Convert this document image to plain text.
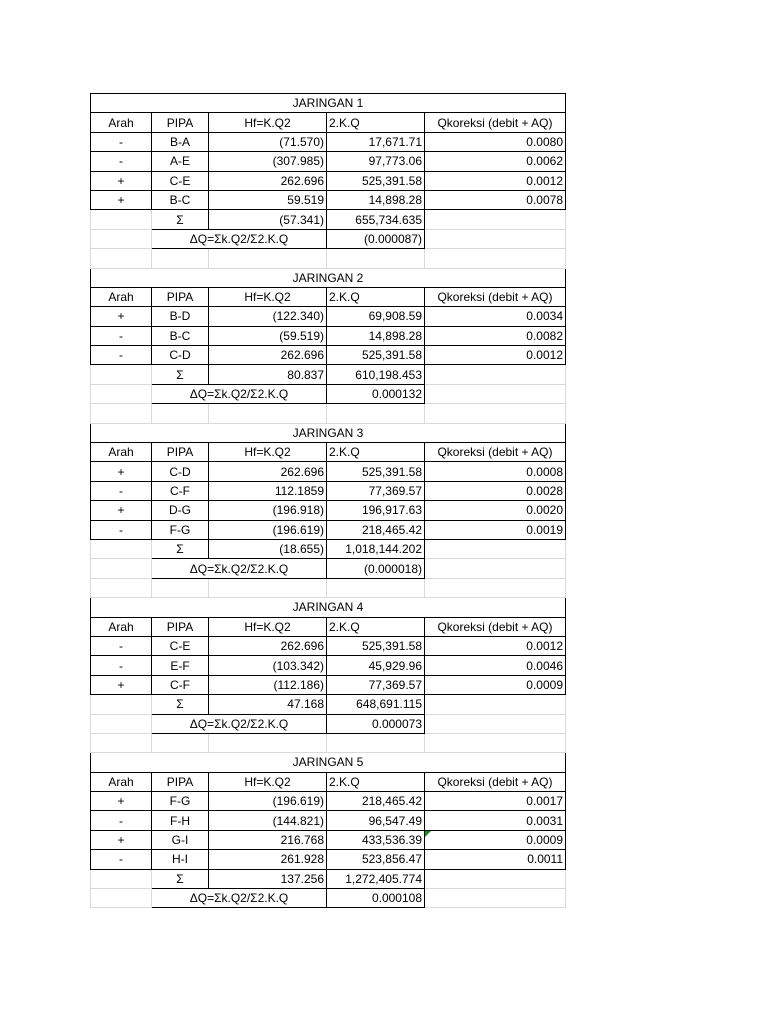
JARINGAN 1				
Arah	PIPA	Hf=K.Q2	2.K.Q	Qkoreksi (debit + AQ)
-	B-A	(71.570)	17,671.71	0.0080
-	A-E	(307.985)	97,773.06	0.0062
+	C-E	262.696	525,391.58	0.0012
+	B-C	59.519	14,898.28	0.0078
	Σ	(57.341)	655,734.635	
	ΔQ=Σk.Q2/Σ2.K.Q		(0.000087)	

JARINGAN 2				
Arah	PIPA	Hf=K.Q2	2.K.Q	Qkoreksi (debit + AQ)
+	B-D	(122.340)	69,908.59	0.0034
-	B-C	(59.519)	14,898.28	0.0082
-	C-D	262.696	525,391.58	0.0012
	Σ	80.837	610,198.453	
	ΔQ=Σk.Q2/Σ2.K.Q		0.000132	

JARINGAN 3				
Arah	PIPA	Hf=K.Q2	2.K.Q	Qkoreksi (debit + AQ)
+	C-D	262.696	525,391.58	0.0008
-	C-F	112.1859	77,369.57	0.0028
+	D-G	(196.918)	196,917.63	0.0020
-	F-G	(196.619)	218,465.42	0.0019
	Σ	(18.655)	1,018,144.202	
	ΔQ=Σk.Q2/Σ2.K.Q		(0.000018)	

JARINGAN 4				
Arah	PIPA	Hf=K.Q2	2.K.Q	Qkoreksi (debit + AQ)
-	C-E	262.696	525,391.58	0.0012
-	E-F	(103.342)	45,929.96	0.0046
+	C-F	(112.186)	77,369.57	0.0009
	Σ	47.168	648,691.115	
	ΔQ=Σk.Q2/Σ2.K.Q		0.000073	

JARINGAN 5				
Arah	PIPA	Hf=K.Q2	2.K.Q	Qkoreksi (debit + AQ)
+	F-G	(196.619)	218,465.42	0.0017
-	F-H	(144.821)	96,547.49	0.0031
+	G-I	216.768	433,536.39	0.0009
-	H-I	261.928	523,856.47	0.0011
	Σ	137.256	1,272,405.774	
	ΔQ=Σk.Q2/Σ2.K.Q		0.000108	
